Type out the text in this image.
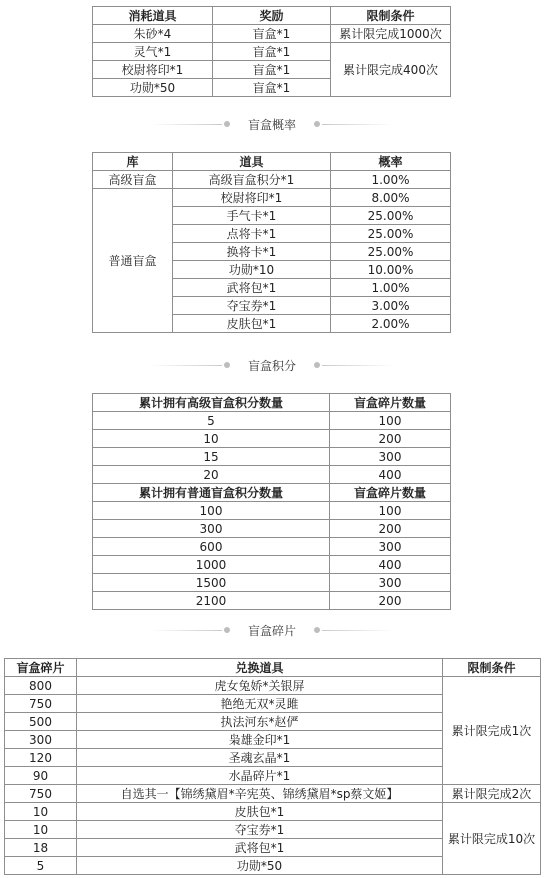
消耗道具	奖励	限制条件
朱砂*4	盲盒*1	累计限完成1000次
灵气*1	盲盒*1	累计限完成400次
校尉将印*1	盲盒*1	
功勋*50	盲盒*1	
盲盒概率
库	道具	概率
高级盲盒	高级盲盒积分*1	1.00%
普通盲盒	校尉将印*1	8.00%
	手气卡*1	25.00%
	点将卡*1	25.00%
	换将卡*1	25.00%
	功勋*10	10.00%
	武将包*1	1.00%
	夺宝券*1	3.00%
	皮肤包*1	2.00%
盲盒积分
累计拥有高级盲盒积分数量	盲盒碎片数量
5	100
10	200
15	300
20	400
累计拥有普通盲盒积分数量	盲盒碎片数量
100	100
300	200
600	300
1000	400
1500	300
2100	200
盲盒碎片
盲盒碎片	兑换道具	限制条件
800	虎女兔娇*关银屏	累计限完成1次
750	艳绝无双*灵雎	
500	执法河东*赵俨	
300	枭雄金印*1	
120	圣魂玄晶*1	
90	水晶碎片*1	
750	自选其一【锦绣黛眉*辛宪英、锦绣黛眉*sp蔡文姬】	累计限完成2次
10	皮肤包*1	累计限完成10次
10	夺宝券*1	
18	武将包*1	
5	功勋*50	
